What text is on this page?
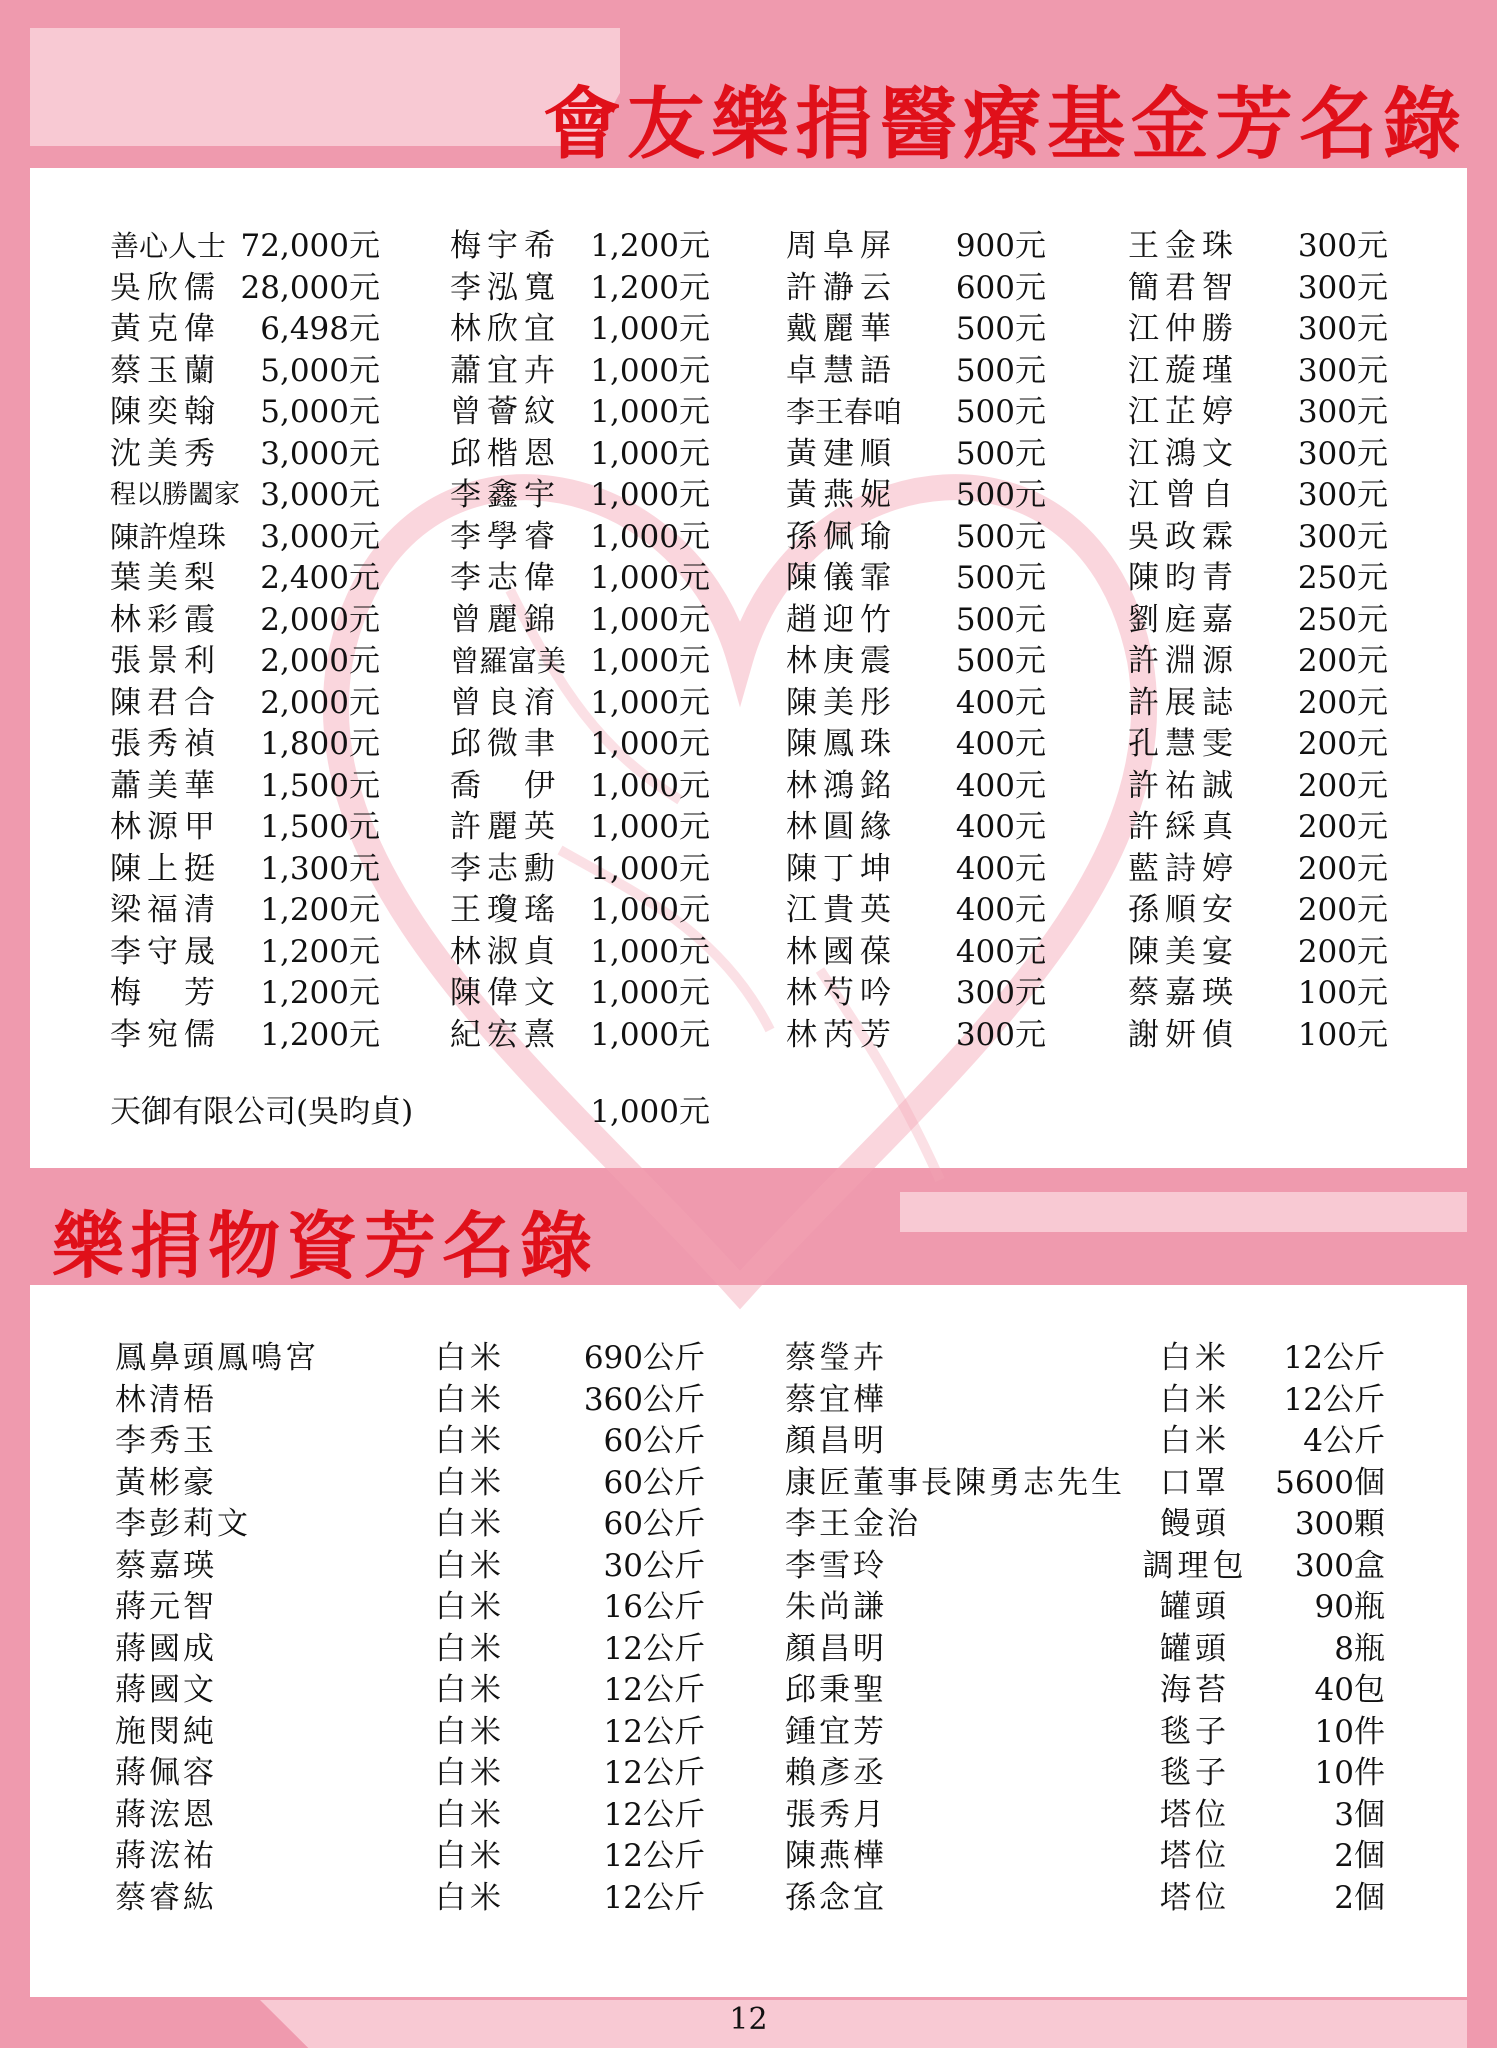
會友樂捐醫療基金芳名錄
樂捐物資芳名錄
善心人士 72,000元
吳欣儒 28,000元
黃克偉 6,498元
蔡玉蘭 5,000元
陳奕翰 5,000元
沈美秀 3,000元
程以勝闔家 3,000元
陳許煌珠 3,000元
葉美梨 2,400元
林彩霞 2,000元
張景利 2,000元
陳君合 2,000元
張秀禎 1,800元
蕭美華 1,500元
林源甲 1,500元
陳上挺 1,300元
梁福清 1,200元
李守晟 1,200元
梅　芳 1,200元
李宛儒 1,200元
梅宇希 1,200元
李泓寬 1,200元
林欣宜 1,000元
蕭宜卉 1,000元
曾薈紋 1,000元
邱楷恩 1,000元
李鑫宇 1,000元
李學睿 1,000元
李志偉 1,000元
曾麗錦 1,000元
曾羅富美 1,000元
曾良淯 1,000元
邱微聿 1,000元
喬　伊 1,000元
許麗英 1,000元
李志勳 1,000元
王瓊瑤 1,000元
林淑貞 1,000元
陳偉文 1,000元
紀宏熹 1,000元
周阜屏 900元
許瀞云 600元
戴麗華 500元
卓慧語 500元
李王春咱 500元
黃建順 500元
黃燕妮 500元
孫佩瑜 500元
陳儀霏 500元
趙迎竹 500元
林庚震 500元
陳美彤 400元
陳鳳珠 400元
林鴻銘 400元
林圓緣 400元
陳丁坤 400元
江貴英 400元
林國葆 400元
林芍吟 300元
林芮芳 300元
王金珠 300元
簡君智 300元
江仲勝 300元
江蔙瑾 300元
江芷婷 300元
江鴻文 300元
江曾自 300元
吳政霖 300元
陳昀青 250元
劉庭嘉 250元
許淵源 200元
許展誌 200元
孔慧雯 200元
許祐誠 200元
許綵真 200元
藍詩婷 200元
孫順安 200元
陳美宴 200元
蔡嘉瑛 100元
謝妍偵 100元
天御有限公司(吳昀貞)	1,000元
鳳鼻頭鳳鳴宮	白米	690公斤
林清梧	白米	360公斤
李秀玉	白米	60公斤
黃彬豪	白米	60公斤
李彭莉文	白米	60公斤
蔡嘉瑛	白米	30公斤
蔣元智	白米	16公斤
蔣國成	白米	12公斤
蔣國文	白米	12公斤
施閔純	白米	12公斤
蔣佩容	白米	12公斤
蔣浤恩	白米	12公斤
蔣浤祐	白米	12公斤
蔡睿紘	白米	12公斤
蔡瑩卉	白米	12公斤
蔡宜樺	白米	12公斤
顏昌明	白米	4公斤
康匠董事長陳勇志先生	口罩	5600個
李王金治	饅頭	300顆
李雪玲	調理包	300盒
朱尚謙	罐頭	90瓶
顏昌明	罐頭	8瓶
邱秉聖	海苔	40包
鍾宜芳	毯子	10件
賴彥丞	毯子	10件
張秀月	塔位	3個
陳燕樺	塔位	2個
孫念宜	塔位	2個
12
